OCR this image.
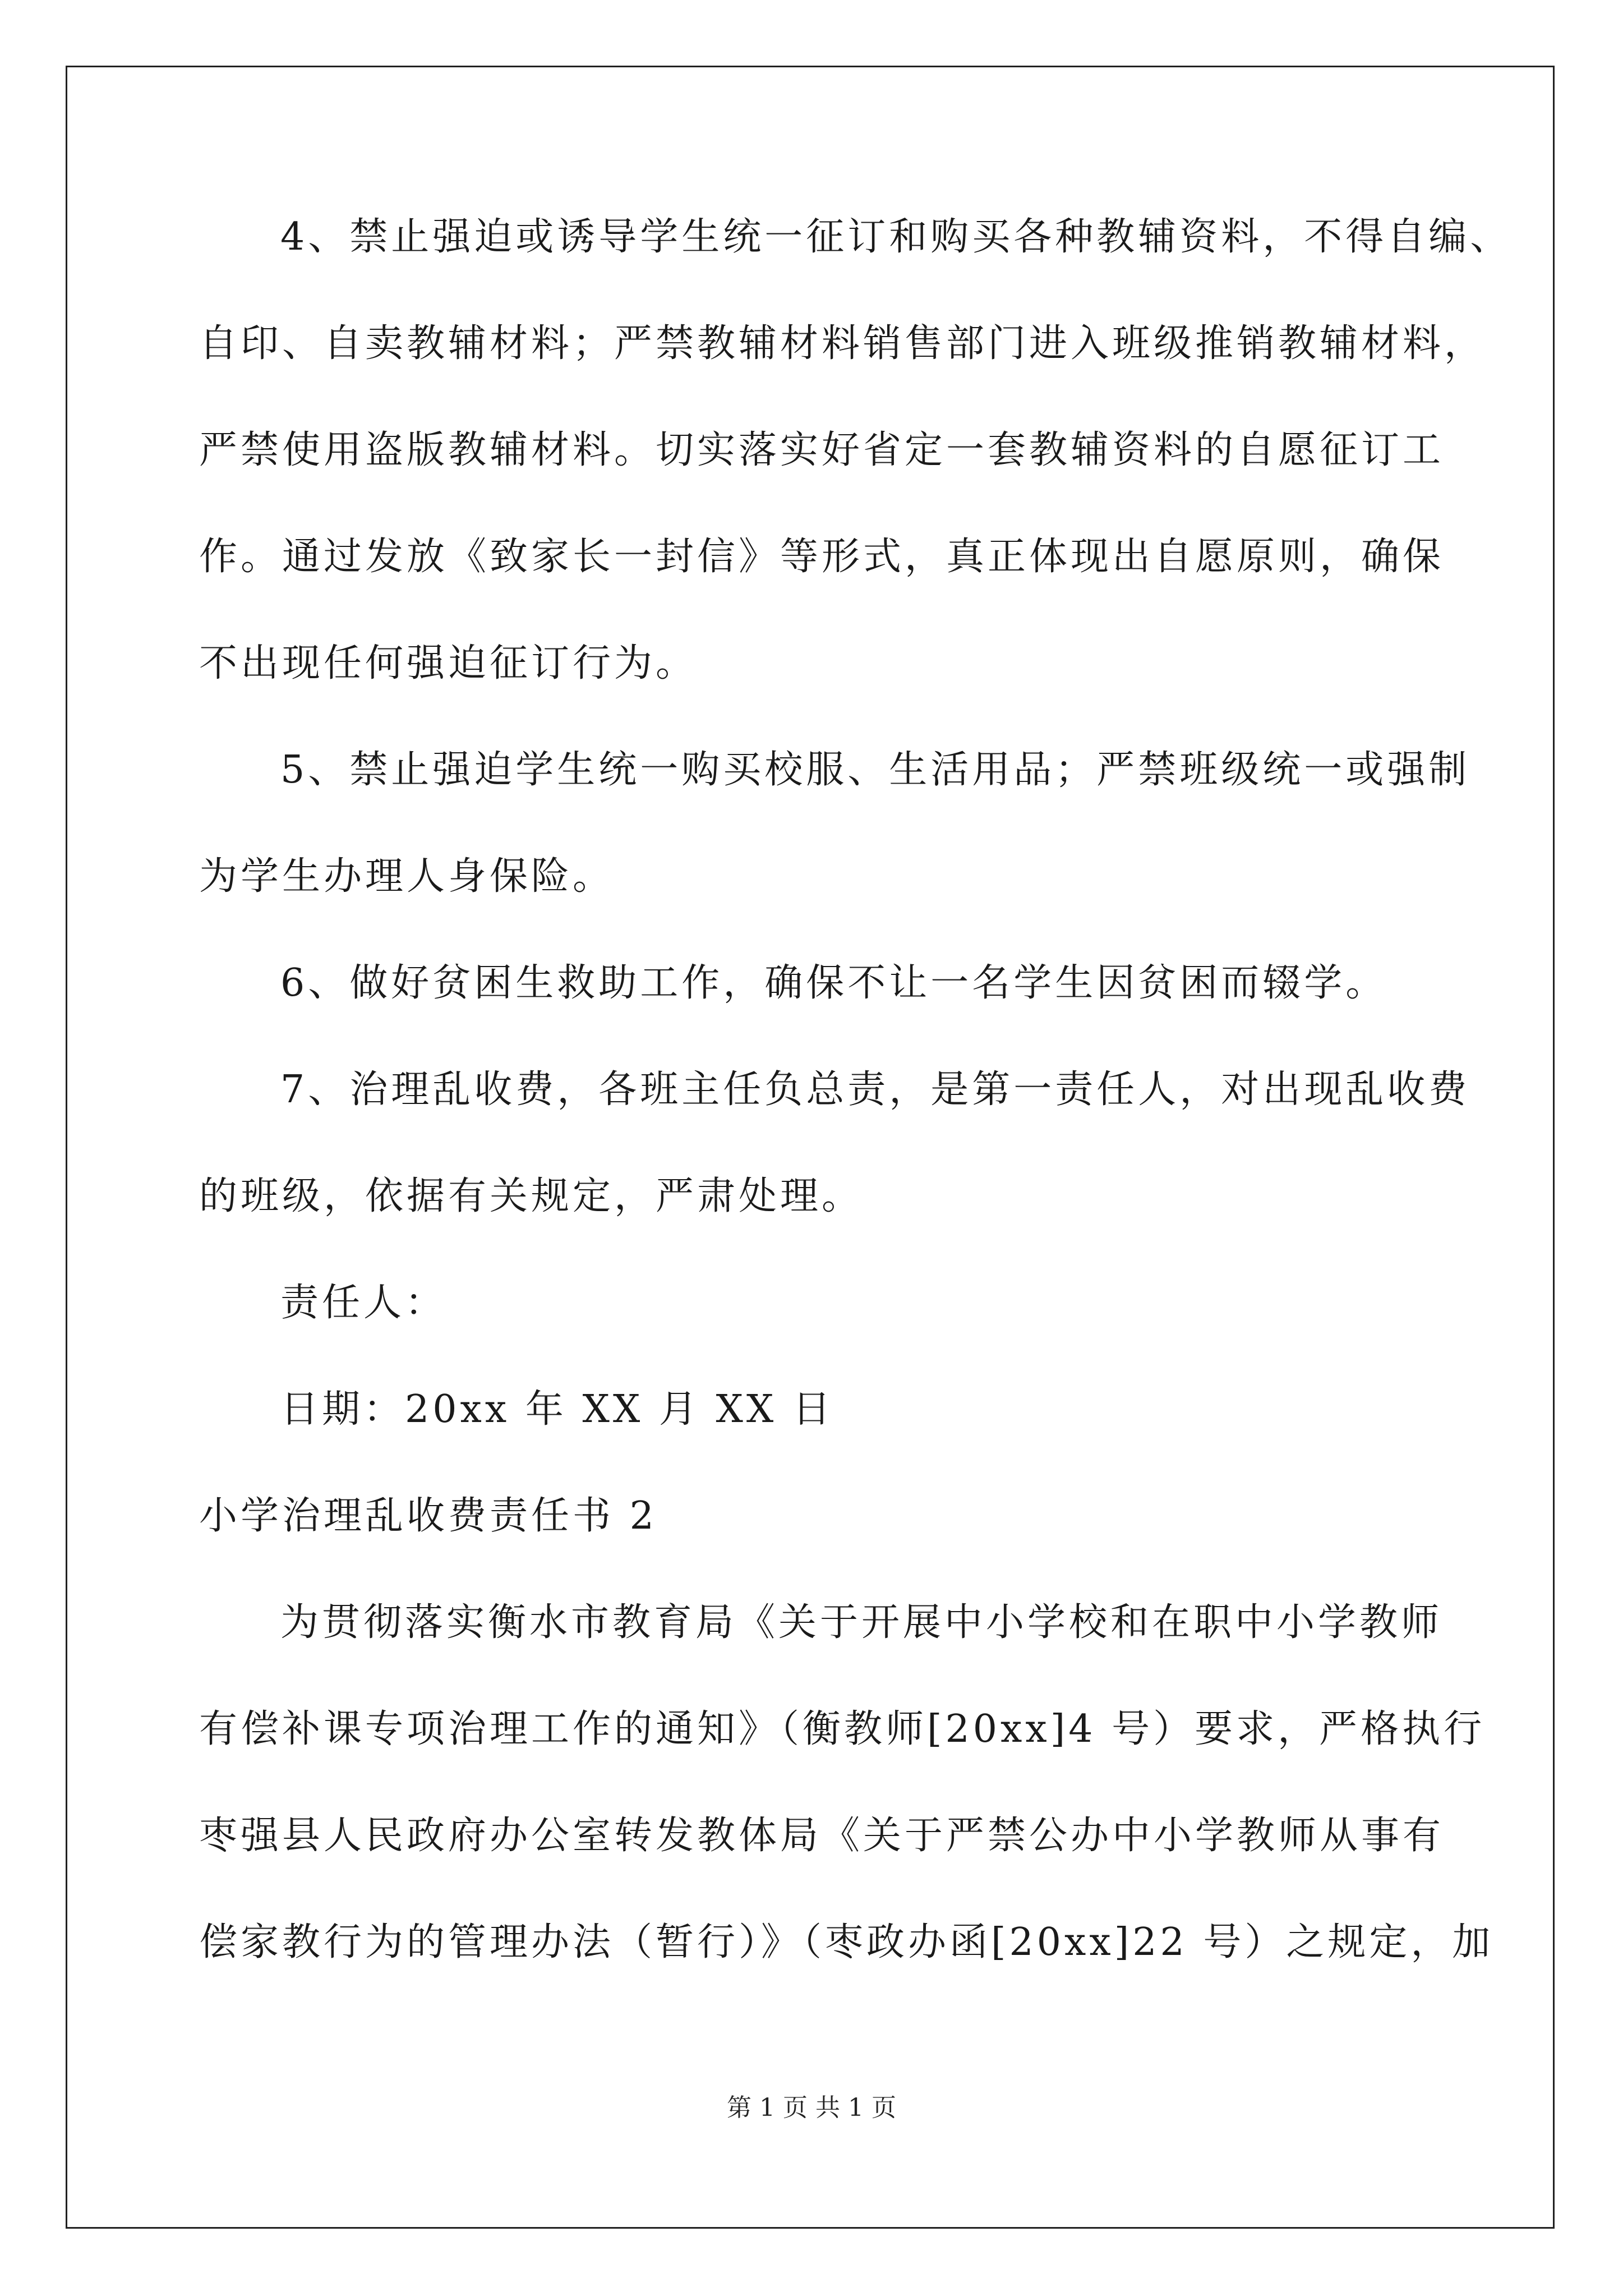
4、禁止强迫或诱导学生统一征订和购买各种教辅资料，不得自编、
自印、自卖教辅材料；严禁教辅材料销售部门进入班级推销教辅材料，
严禁使用盗版教辅材料。切实落实好省定一套教辅资料的自愿征订工
作。通过发放《致家长一封信》等形式，真正体现出自愿原则，确保
不出现任何强迫征订行为。
5、禁止强迫学生统一购买校服、生活用品；严禁班级统一或强制
为学生办理人身保险。
6、做好贫困生救助工作，确保不让一名学生因贫困而辍学。
7、治理乱收费，各班主任负总责，是第一责任人，对出现乱收费
的班级，依据有关规定，严肃处理。
责任人：
日期：20xx 年 XX 月 XX 日
小学治理乱收费责任书 2
为贯彻落实衡水市教育局《关于开展中小学校和在职中小学教师
有偿补课专项治理工作的通知》（衡教师[20xx]4 号）要求，严格执行
枣强县人民政府办公室转发教体局《关于严禁公办中小学教师从事有
偿家教行为的管理办法（暂行）》（枣政办函[20xx]22 号）之规定，加
第 1 页 共 1 页
